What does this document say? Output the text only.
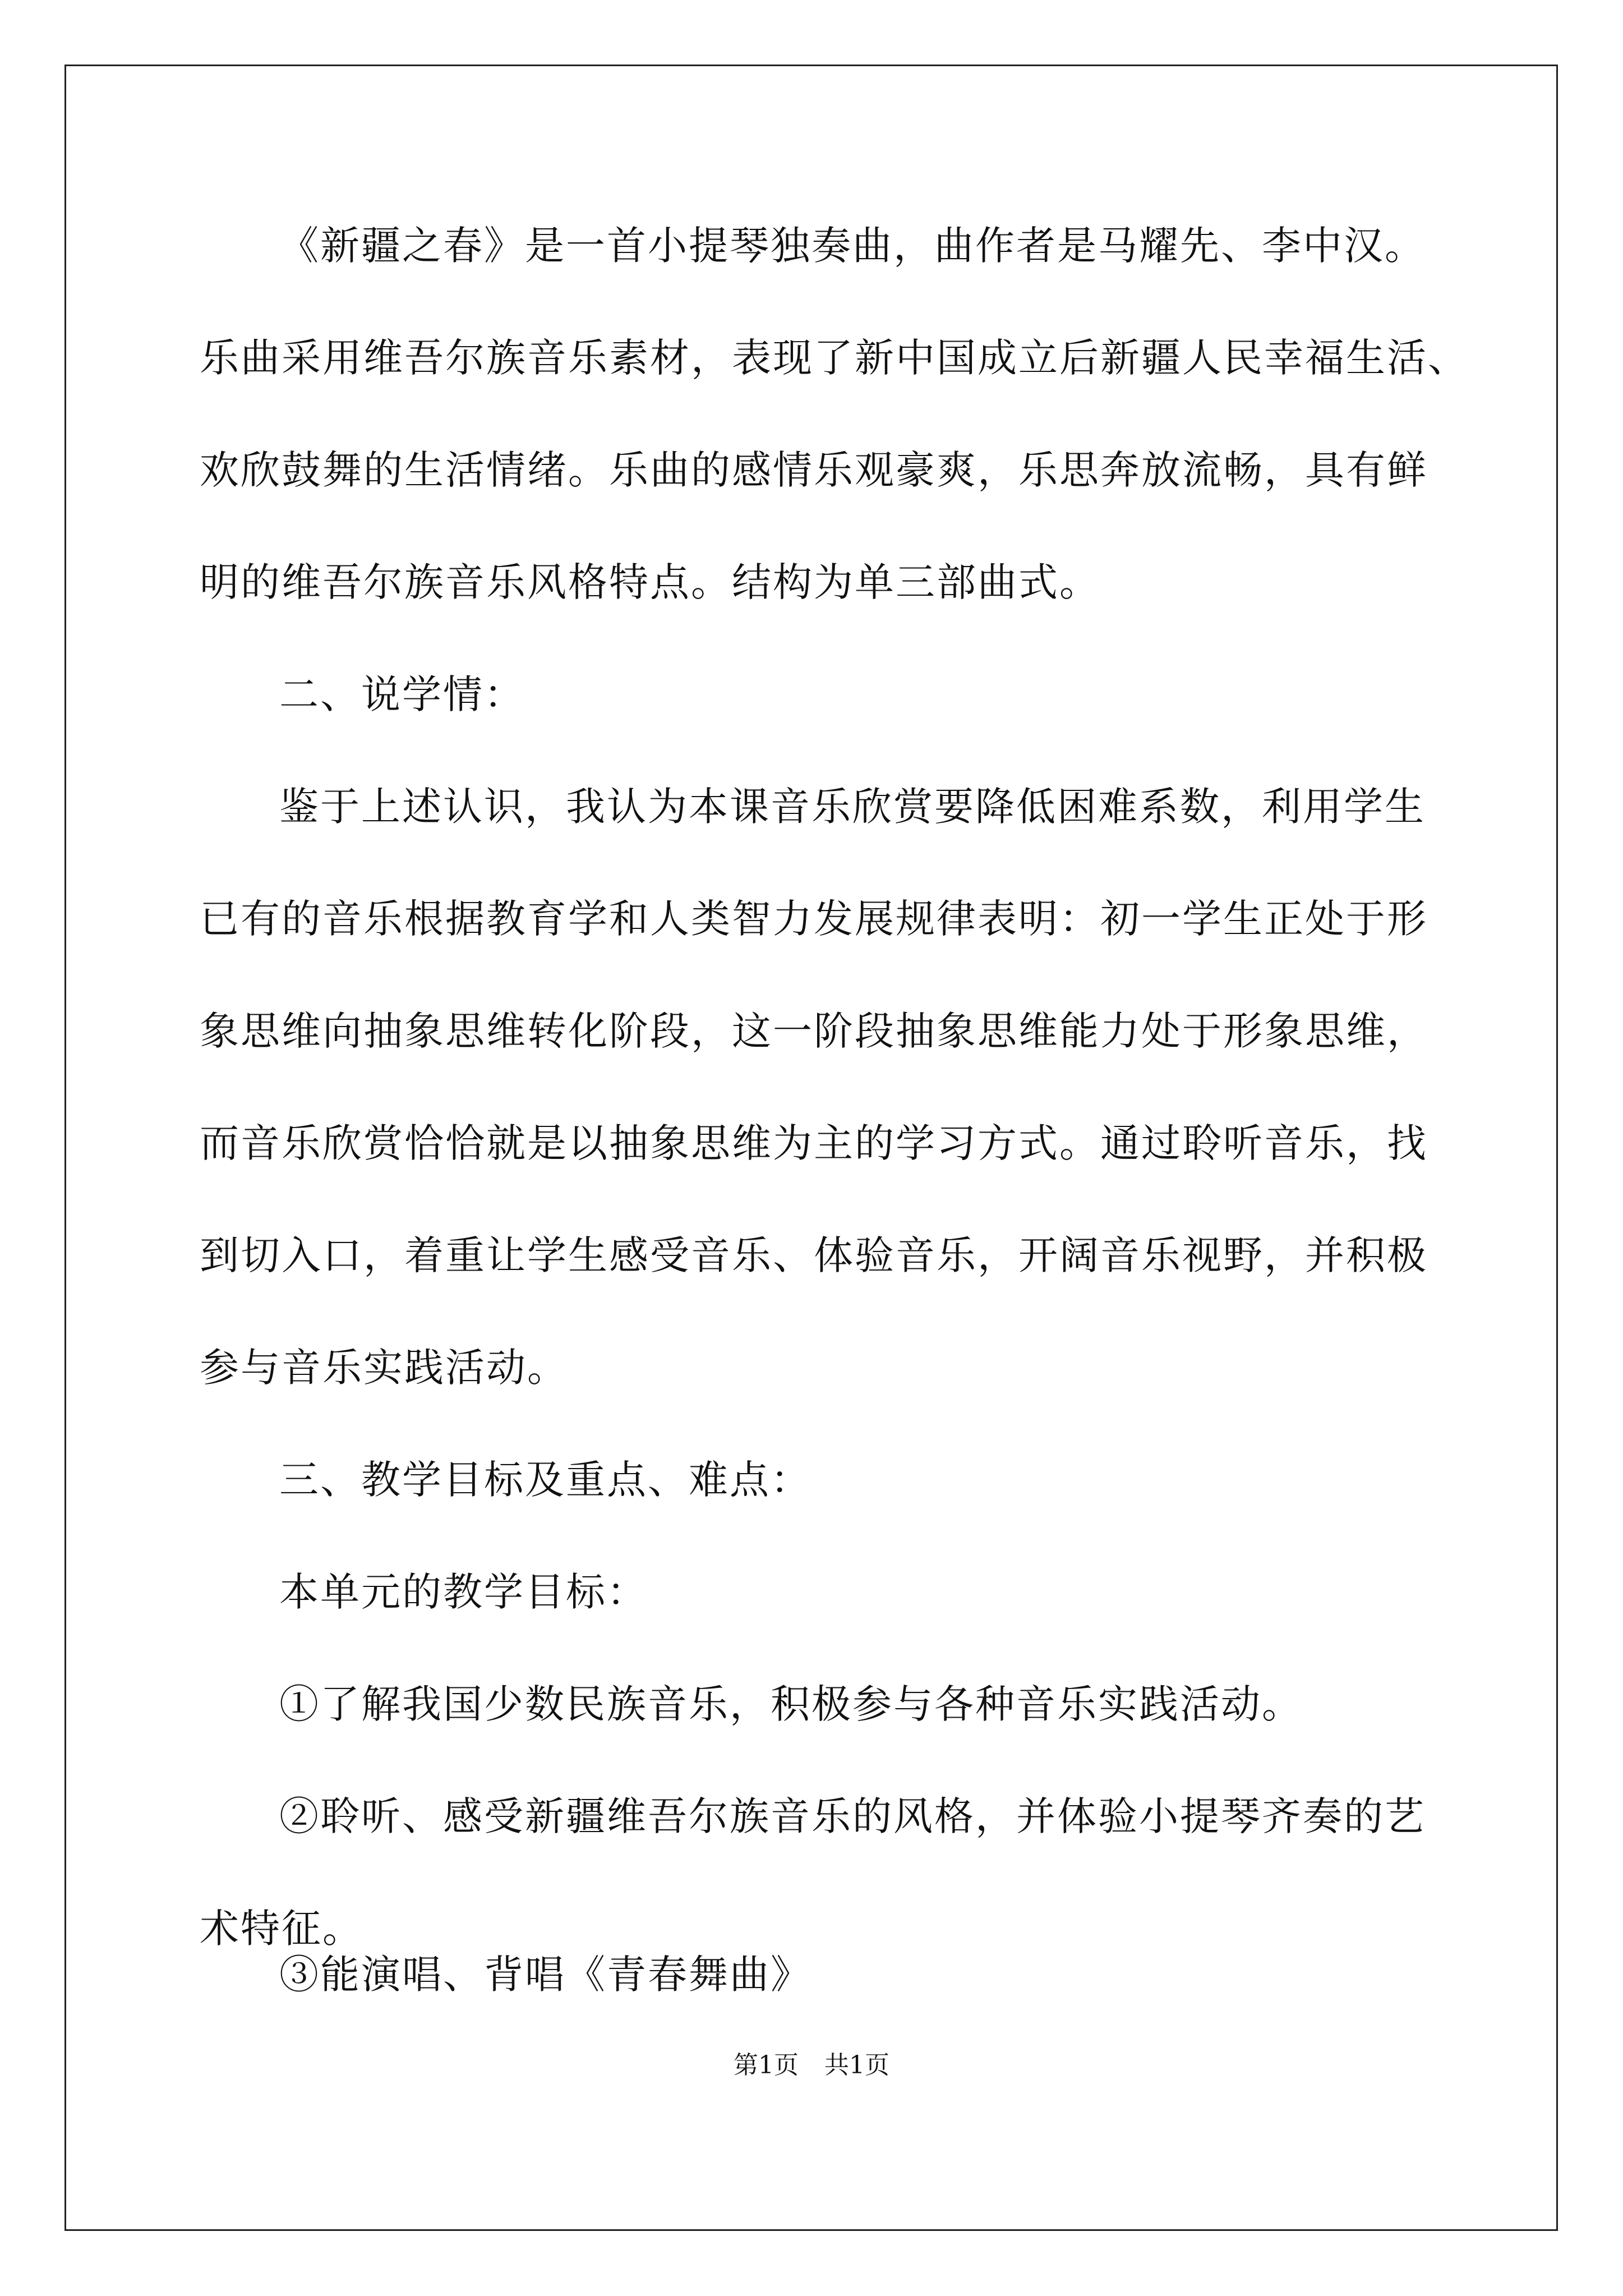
《新疆之春》是一首小提琴独奏曲，曲作者是马耀先、李中汉。
乐曲采用维吾尔族音乐素材，表现了新中国成立后新疆人民幸福生活、
欢欣鼓舞的生活情绪。乐曲的感情乐观豪爽，乐思奔放流畅，具有鲜
明的维吾尔族音乐风格特点。结构为单三部曲式。
二、说学情：
鉴于上述认识，我认为本课音乐欣赏要降低困难系数，利用学生
已有的音乐根据教育学和人类智力发展规律表明：初一学生正处于形
象思维向抽象思维转化阶段，这一阶段抽象思维能力处于形象思维，
而音乐欣赏恰恰就是以抽象思维为主的学习方式。通过聆听音乐，找
到切入口，着重让学生感受音乐、体验音乐，开阔音乐视野，并积极
参与音乐实践活动。
三、教学目标及重点、难点：
本单元的教学目标：
①了解我国少数民族音乐，积极参与各种音乐实践活动。
②聆听、感受新疆维吾尔族音乐的风格，并体验小提琴齐奏的艺
术特征。
③能演唱、背唱《青春舞曲》
第1页 共1页
